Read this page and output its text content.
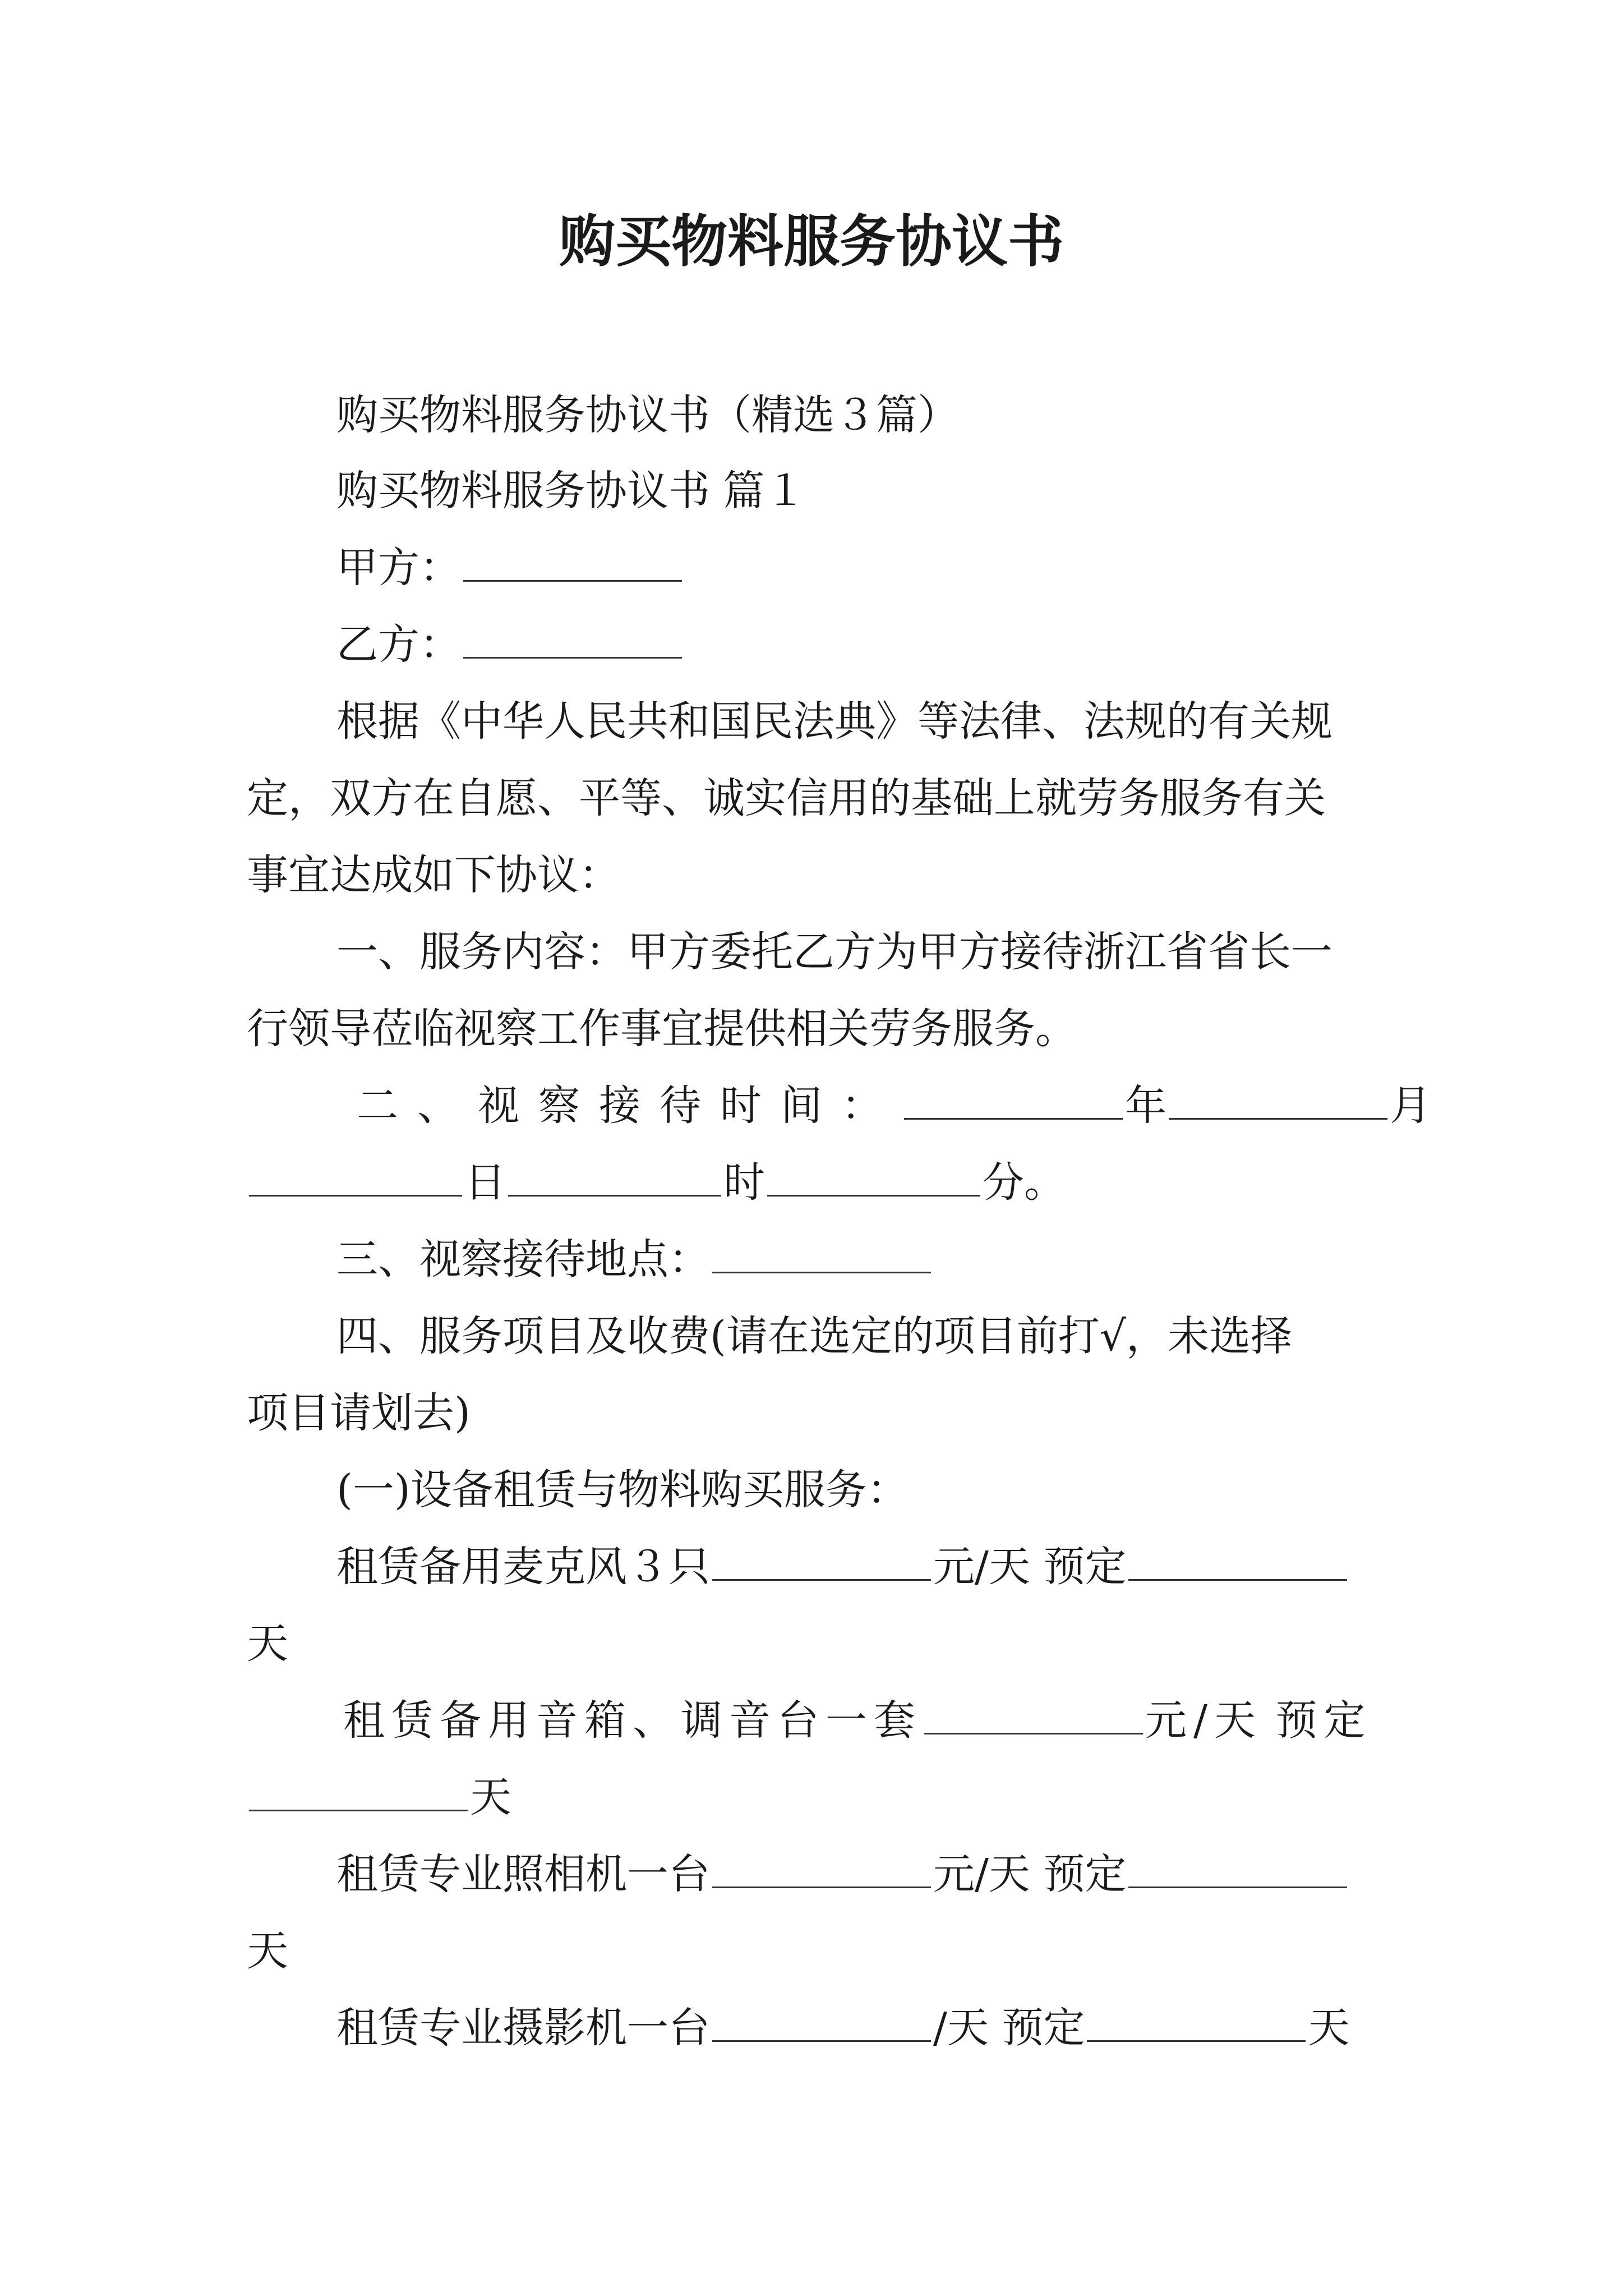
购买物料服务协议书
购买物料服务协议书（精选３篇）
购买物料服务协议书 篇１
甲方：
乙方：
根据《中华人民共和国民法典》等法律、法规的有关规
定，双方在自愿、平等、诚实信用的基础上就劳务服务有关
事宜达成如下协议：
一、服务内容：甲方委托乙方为甲方接待浙江省省长一
行领导莅临视察工作事宜提供相关劳务服务。
二、视察接待时间：	年	月
日	时	分。
三、视察接待地点：
四、服务项目及收费(请在选定的项目前打√，未选择
项目请划去)
(一)设备租赁与物料购买服务：
租赁备用麦克风３只	元/天 预定
天
租赁备用音箱、调音台一套	元/天 预定
天
租赁专业照相机一台	元/天 预定
天
租赁专业摄影机一台	/天 预定	天
